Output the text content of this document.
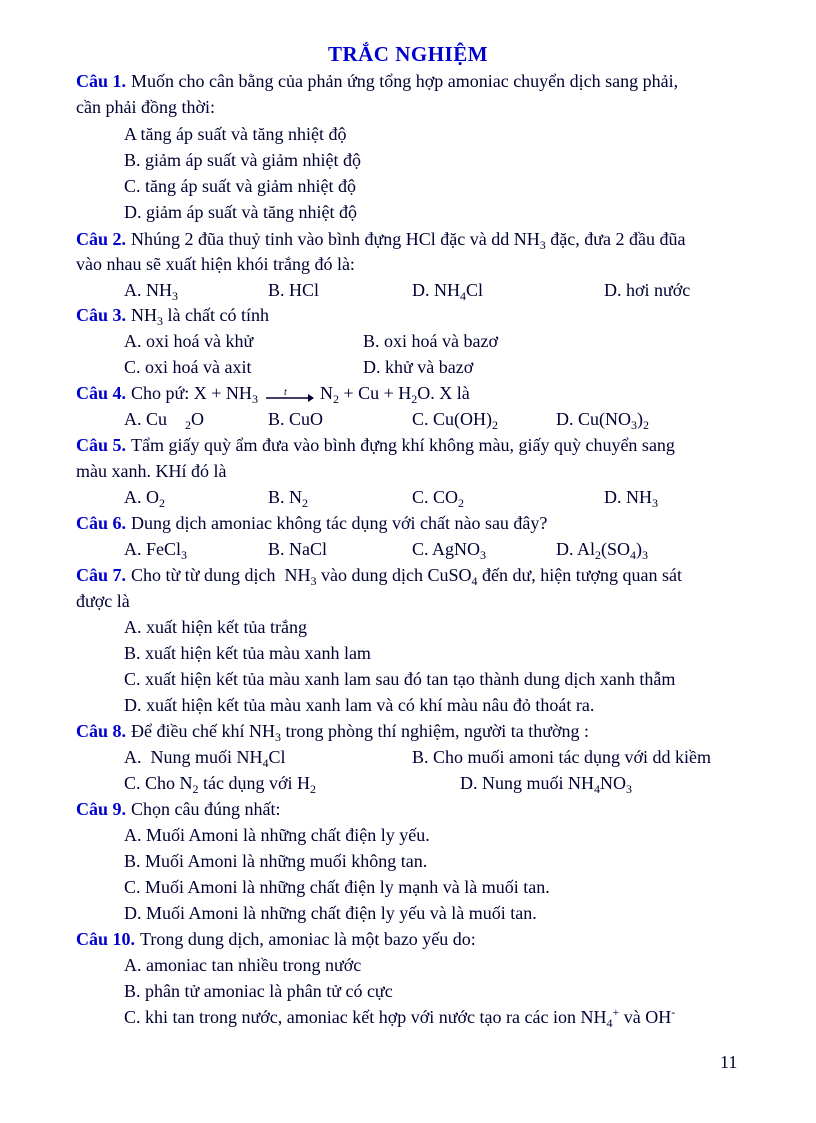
TRẮC NGHIỆM
Câu 1. Muốn cho cân bằng của phản ứng tổng hợp amoniac chuyển dịch sang phải,
cần phải đồng thời:
A tăng áp suất và tăng nhiệt độ
B. giảm áp suất và giảm nhiệt độ
C. tăng áp suất và giảm nhiệt độ
D. giảm áp suất và tăng nhiệt độ
Câu 2. Nhúng 2 đũa thuỷ tinh vào bình đựng HCl đặc và dd $NH_3$ đặc, đưa 2 đầu đũa
vào nhau sẽ xuất hiện khói trắng đó là:
A. $NH_3$	B. HCl	D. $NH_4Cl$	D. hơi nước
Câu 3. $NH_3$ là chất có tính
A. oxi hoá và khử	B. oxi hoá và bazơ
C. oxi hoá và axit	D. khử và bazơ
Câu 4. Cho pứ: $X + NH_3$	t $N_2 + Cu + H_2O$. X là
A. Cu    $_2$O	B. CuO	C. $Cu(OH)_2$	D. $Cu(NO_3)_2$
Câu 5. Tẩm giấy quỳ ẩm đưa vào bình đựng khí không màu, giấy quỳ chuyển sang
màu xanh. KHí đó là
A. $O_2$	B. $N_2$	C. $CO_2$	D. $NH_3$
Câu 6. Dung dịch amoniac không tác dụng với chất nào sau đây?
A. FeCl$_3$	B. NaCl	C. AgNO$_3$	D. $Al_2(SO_4)_3$
Câu 7. Cho từ từ dung dịch  $NH_3$ vào dung dịch CuSO$_4$ đến dư, hiện tượng quan sát
được là
A. xuất hiện kết tủa trắng
B. xuất hiện kết tủa màu xanh lam
C. xuất hiện kết tủa màu xanh lam sau đó tan tạo thành dung dịch xanh thẫm
D. xuất hiện kết tủa màu xanh lam và có khí màu nâu đỏ thoát ra.
Câu 8. Để điều chế khí $NH_3$ trong phòng thí nghiệm, người ta thường :
A.  Nung muối $NH_4Cl$	B. Cho muối amoni tác dụng với dd kiềm
C. Cho $N_2$ tác dụng với $H_2$	D. Nung muối $NH_4NO_3$
Câu 9. Chọn câu đúng nhất:
A. Muối Amoni là những chất điện ly yếu.
B. Muối Amoni là những muối không tan.
C. Muối Amoni là những chất điện ly mạnh và là muối tan.
D. Muối Amoni là những chất điện ly yếu và là muối tan.
Câu 10. Trong dung dịch, amoniac là một bazo yếu do:
A. amoniac tan nhiều trong nước
B. phân tử amoniac là phân tử có cực
C. khi tan trong nước, amoniac kết hợp với nước tạo ra các ion $NH_4^+$ và OH-
11
